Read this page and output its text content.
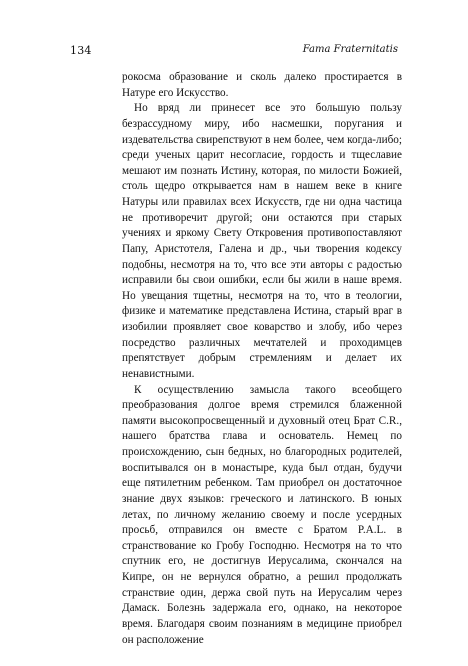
134	Fama Fraternitatis

рокосма образование и сколь далеко простирается в Натуре его Искусство.

Но вряд ли принесет все это большую пользу безрассудному миру, ибо насмешки, поругания и издевательства свирепствуют в нем более, чем когда-либо; среди ученых царит несогласие, гордость и тщеславие мешают им познать Истину, которая, по милости Божией, столь щедро открывается нам в нашем веке в книге Натуры или правилах всех Искусств, где ни одна частица не противоречит другой; они остаются при старых учениях и яркому Свету Откровения противопоставляют Папу, Аристотеля, Галена и др., чьи творения кодексу подобны, несмотря на то, что все эти авторы с радостью исправили бы свои ошибки, если бы жили в наше время. Но увещания тщетны, несмотря на то, что в теологии, физике и математике представлена Истина, старый враг в изобилии проявляет свое коварство и злобу, ибо через посредство различных мечтателей и проходимцев препятствует добрым стремлениям и делает их ненавистными.

К осуществлению замысла такого всеобщего преобразования долгое время стремился блаженной памяти высокопросвещенный и духовный отец Брат C.R., нашего братства глава и основатель. Немец по происхождению, сын бедных, но благородных родителей, воспитывался он в монастыре, куда был отдан, будучи еще пятилетним ребенком. Там приобрел он достаточное знание двух языков: греческого и латинского. В юных летах, по личному желанию своему и после усердных просьб, отправился он вместе с Братом P.A.L. в странствование ко Гробу Господню. Несмотря на то что спутник его, не достигнув Иерусалима, скончался на Кипре, он не вернулся обратно, а решил продолжать странствие один, держа свой путь на Иерусалим через Дамаск. Болезнь задержала его, однако, на некоторое время. Благодаря своим познаниям в медицине приобрел он расположение
